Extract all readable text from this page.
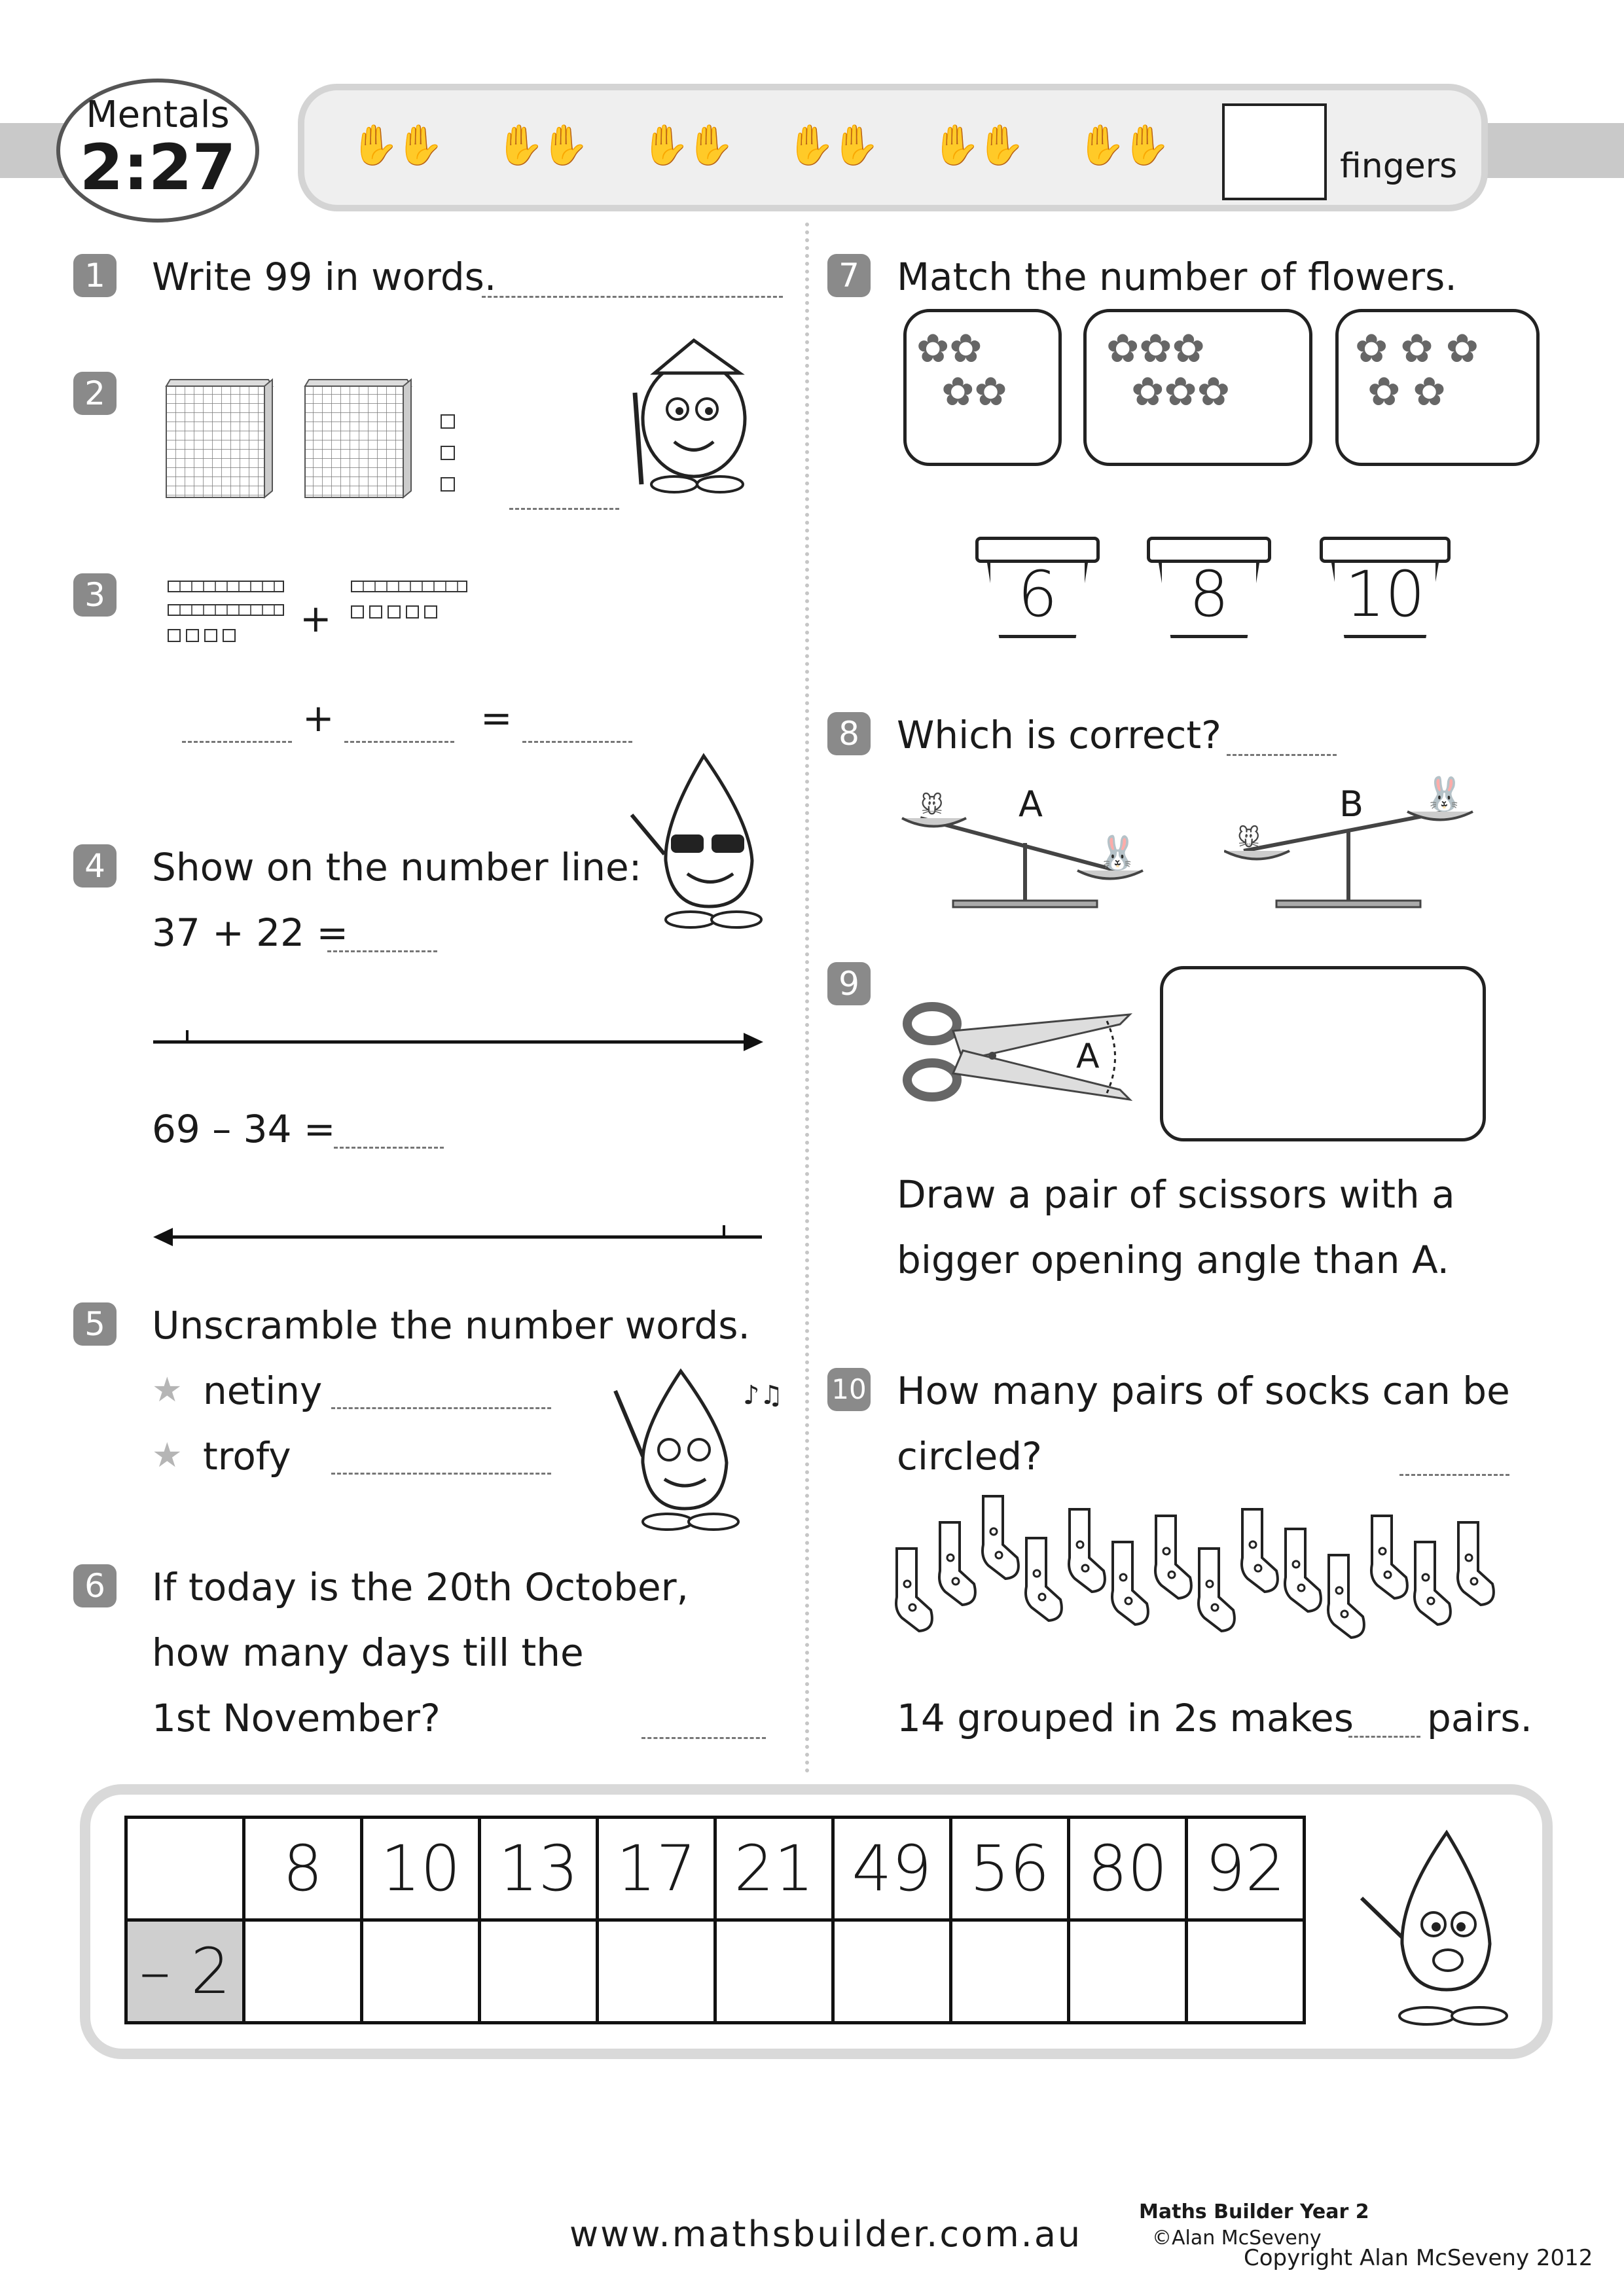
Mentals
2:27	✋✋ ✋✋ ✋✋ ✋✋ ✋✋ ✋✋	fingers
1 Write 99 in words.
2
3
+
+	=
4 Show on the number line:
37 + 22 =
69 – 34 =
5 Unscramble the number words.
★ netiny
★ trofy
♪♫
6 If today is the 20th October,
how many days till the
1st November?
7 Match the number of flowers.
✿✿
✿✿
✿✿✿
✿✿✿
✿ ✿ ✿
✿ ✿
6	8	10
8 Which is correct?
A	B
🐭
🐰	🐭
🐰
9
A
Draw a pair of scissors with a
bigger opening angle than A.
10 How many pairs of socks can be
circled?
14 grouped in 2s makes pairs.
	8	10	13	17	21	49	56	80	92
– 2									
www.mathsbuilder.com.au
Maths Builder Year 2
©Alan McSeveny
Copyright Alan McSeveny 2012
